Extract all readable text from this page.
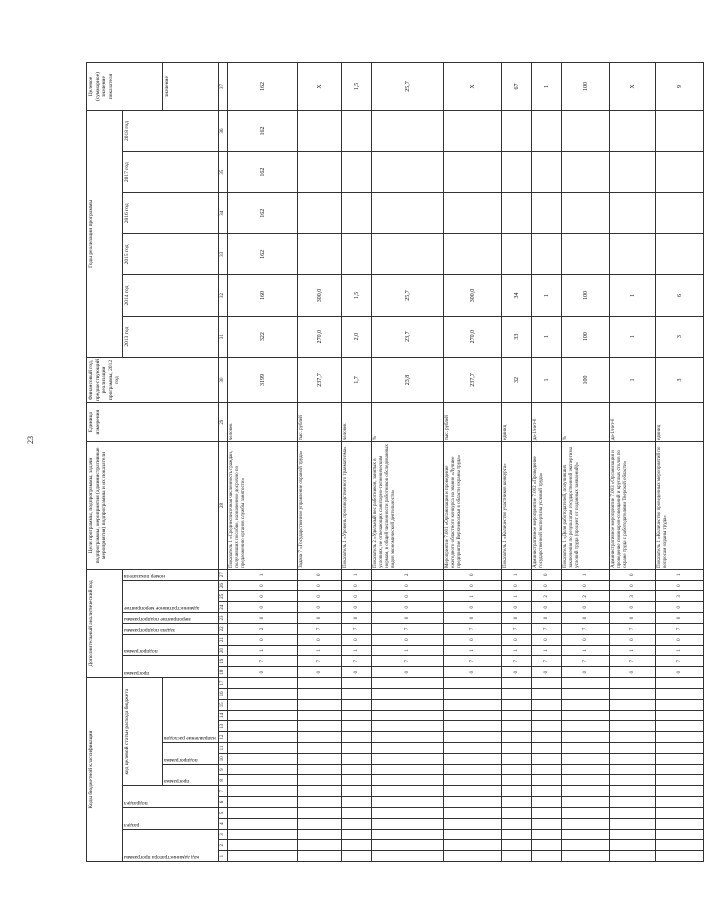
23
Коды бюджетной классификации																	Дополнительный аналитический код										Цели программы, подпрограммы, задачи подпрограммы, мероприятия (административные мероприятия) подпрограммы и их показатели	Единица измерения	Финансовый год, предшествующий реализации программы, 2012 год	Годы реализации программы						Целевое (суммарное) значение показателя

код администратора программы			раздел		подраздел		код целевой статьи расхода бюджета										программа		подпрограмма		задача подпрограммы	мероприятие подпрограммы	административное мероприятие			номер показателя				2013 год	2014 год	2015 год	2016 год	2017 год	2018 год	

							программа		подпрограмма		направление расходов																									значение
1	2	3	4	5	6	7	8	9	10	11	12	13	14	15	16	17	18	19	20	21	22	23	24	25	26	27	28	29	30	31	32	33	34	35	36	37
																	0	7	1	0	2	0	0	0	0	1	Показатель 1 «Среднесписочная численность граждан, получивших пособие, назначенное досрочно по предложению органов службы занятости»	человек	3199	322	160	162	162	162	162	162
																	0	7	1	0	7	0	0	0	0	0	Задача 7 «Государственное управление охраной труда»	тыс. рублей	237,7	270,0	300,0					Х
																	0	7	1	0	7	0	0	0	0	1	Показатель 1 «Уровень производственного травматизма»	человек	1,7	2,0	1,5					1,5
																	0	7	1	0	7	0	0	0	0	2	Показатель 2 «Удельный вес работников, занятых в условиях, не отвечающих санитарно-гигиеническим нормам, в общей численности работников обследованных видов экономической деятельности»	%	23,8	23,7	25,7					25,7
																	0	7	1	0	7	0	0	1	0	0	Мероприятие 7.001 «Организация и проведение ежегодного областного конкурса на звание «Лучшее предприятие Верхневолжья в области охраны труда»	тыс. рублей	237,7	270,0	300,0					Х
																	0	7	1	0	7	0	0	1	0	1	Показатель 1 «Количество участников конкурса»	единиц	32	33	34					67
																	0	7	1	0	7	0	0	2	0	0	Административное мероприятие 7.002 «Проведение государственной экспертизы условий труда»	да-1/нет-0	1	1	1					1
																	0	7	1	0	7	0	0	2	0	1	Показатель 1 «Доля работодателей, получивших заключения по результатам государственной экспертизы условий труда (процент от поданных заявлений)»	%	100	100	100					100
																	0	7	1	0	7	0	0	3	0	0	Административное мероприятие 7.003 «Организация и проведение семинаров-совещаний и круглых столов по охране труда с работодателями Тверской области»	да-1/нет-0	1	1	1					Х
																	0	7	1	0	7	0	0	3	0	1	Показатель 1 «Количество проведенных мероприятий по вопросам охраны труда»	единиц	3	3	6					9
